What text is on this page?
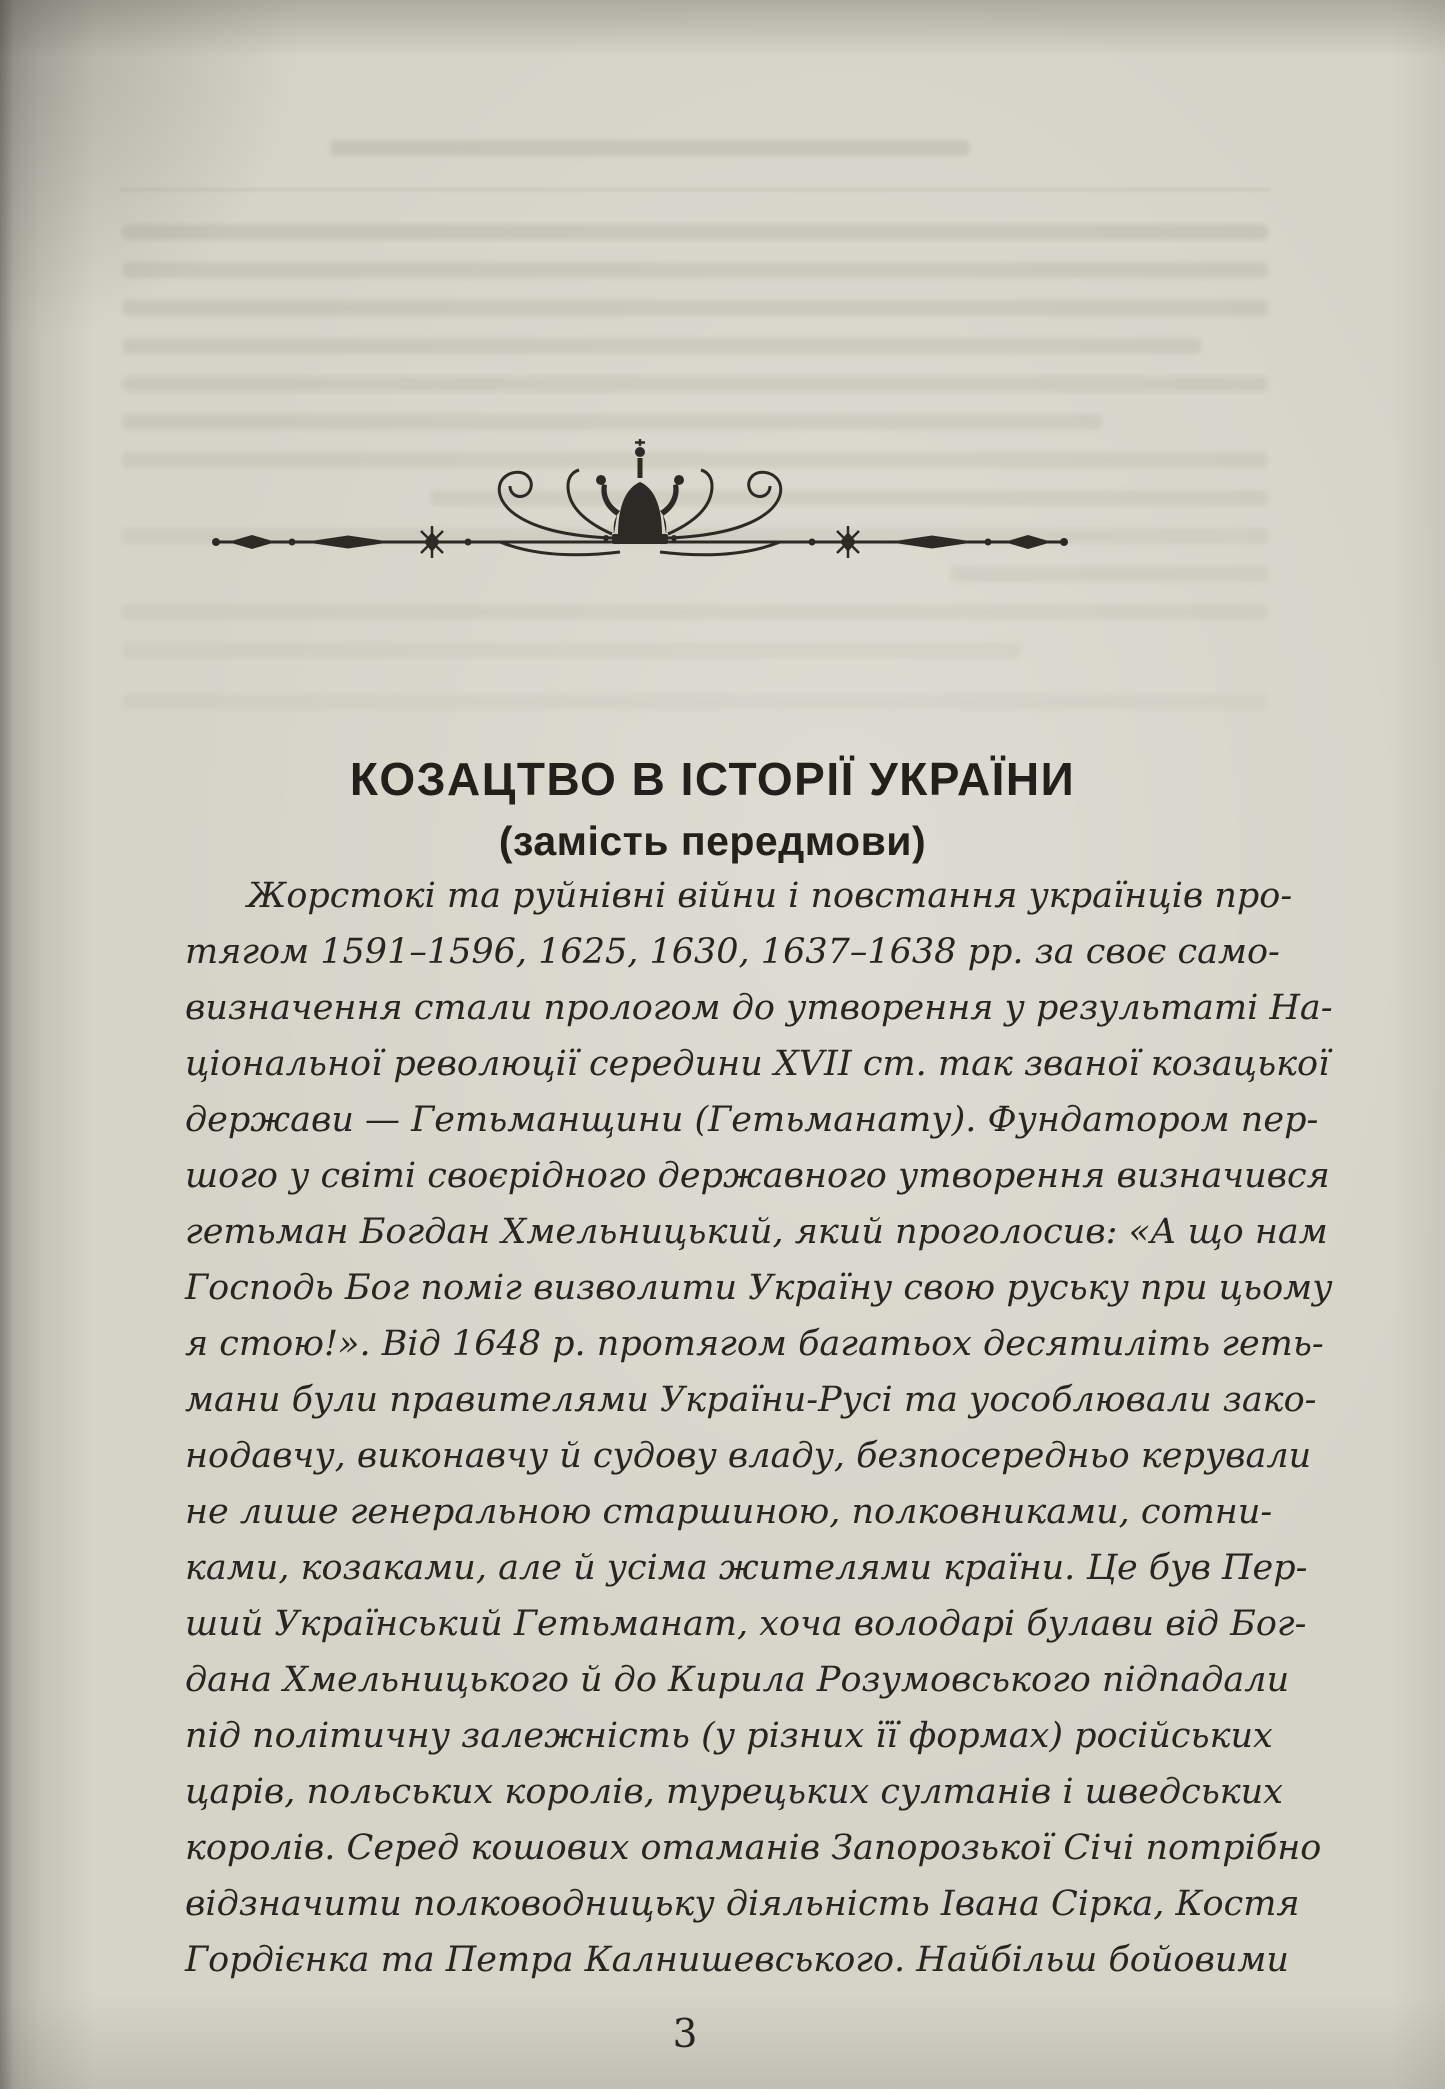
КОЗАЦТВО В ІСТОРІЇ УКРАЇНИ

(замість передмови)

Жорстокі та руйнівні війни і повстання українців про-
тягом 1591–1596, 1625, 1630, 1637–1638 рр. за своє само-
визначення стали прологом до утворення у результаті На-
ціональної революції середини XVII ст. так званої козацької
держави — Гетьманщини (Гетьманату). Фундатором пер-
шого у світі своєрідного державного утворення визначився
гетьман Богдан Хмельницький, який проголосив: «А що нам
Господь Бог поміг визволити Україну свою руську при цьому
я стою!». Від 1648 р. протягом багатьох десятиліть геть-
мани були правителями України-Русі та уособлювали зако-
нодавчу, виконавчу й судову владу, безпосередньо керували
не лише генеральною старшиною, полковниками, сотни-
ками, козаками, але й усіма жителями країни. Це був Пер-
ший Український Гетьманат, хоча володарі булави від Бог-
дана Хмельницького й до Кирила Розумовського підпадали
під політичну залежність (у різних її формах) російських
царів, польських королів, турецьких султанів і шведських
королів. Серед кошових отаманів Запорозької Січі потрібно
відзначити полководницьку діяльність Івана Сірка, Костя
Гордієнка та Петра Калнишевського. Найбільш бойовими
3
